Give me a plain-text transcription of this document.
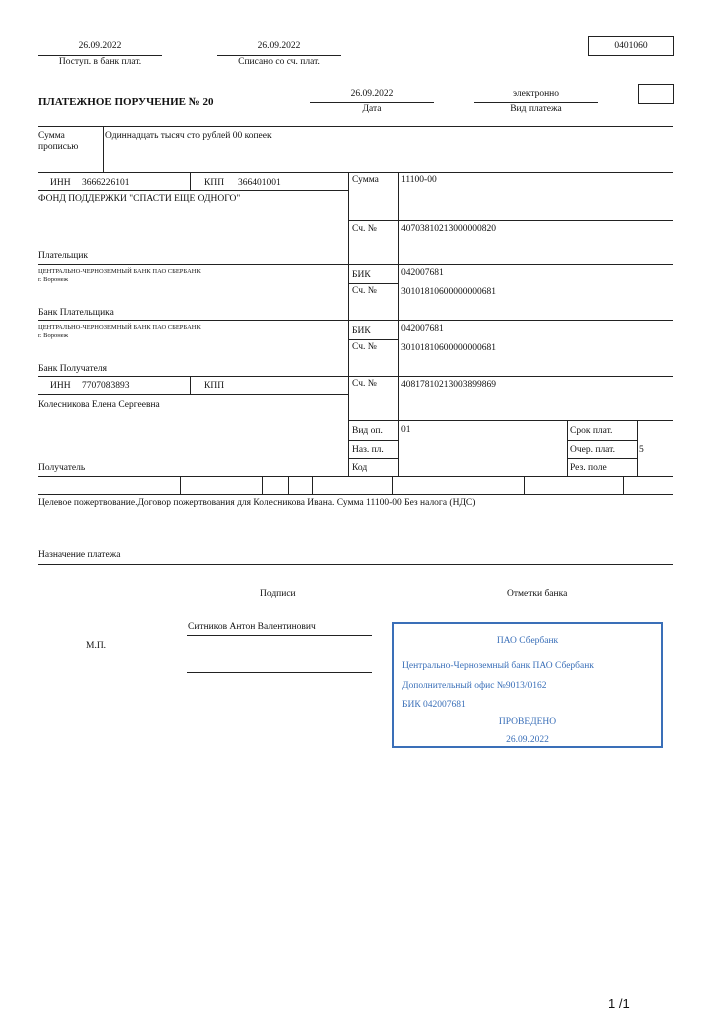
26.09.2022
Поступ. в банк плат.
26.09.2022
Списано со сч. плат.
0401060
ПЛАТЕЖНОЕ ПОРУЧЕНИЕ № 20
26.09.2022
Дата
электронно
Вид платежа
Сумма
прописью
Одиннадцать тысяч сто рублей 00 копеек
ИНН 3666226101	КПП 366401001	Сумма 11100-00
ФОНД ПОДДЕРЖКИ "СПАСТИ ЕЩЕ ОДНОГО"
Сч. №	40703810213000000820
Плательщик
ЦЕНТРАЛЬНО-ЧЕРНОЗЕМНЫЙ БАНК ПАО СБЕРБАНК
г. Воронеж	БИК	042007681
Сч. №	30101810600000000681
Банк Плательщика
ЦЕНТРАЛЬНО-ЧЕРНОЗЕМНЫЙ БАНК ПАО СБЕРБАНК
г. Воронеж	БИК	042007681
Сч. №	30101810600000000681
Банк Получателя
ИНН 7707083893	КПП	Сч. №	40817810213003899869
Колесникова Елена Сергеевна
Вид оп. 01	Срок плат.
Наз. пл.	Очер. плат.	5
Код	Рез. поле
Получатель
Целевое пожертвование.Договор пожертвования для Колесникова Ивана. Сумма 11100-00 Без налога (НДС)
Назначение платежа
Подписи	Отметки банка
Ситников Антон Валентинович
М.П.	ПАО Сбербанк
Центрально-Черноземный банк ПАО Сбербанк
Дополнительный офис №9013/0162
БИК 042007681
ПРОВЕДЕНО
26.09.2022
1 /1
